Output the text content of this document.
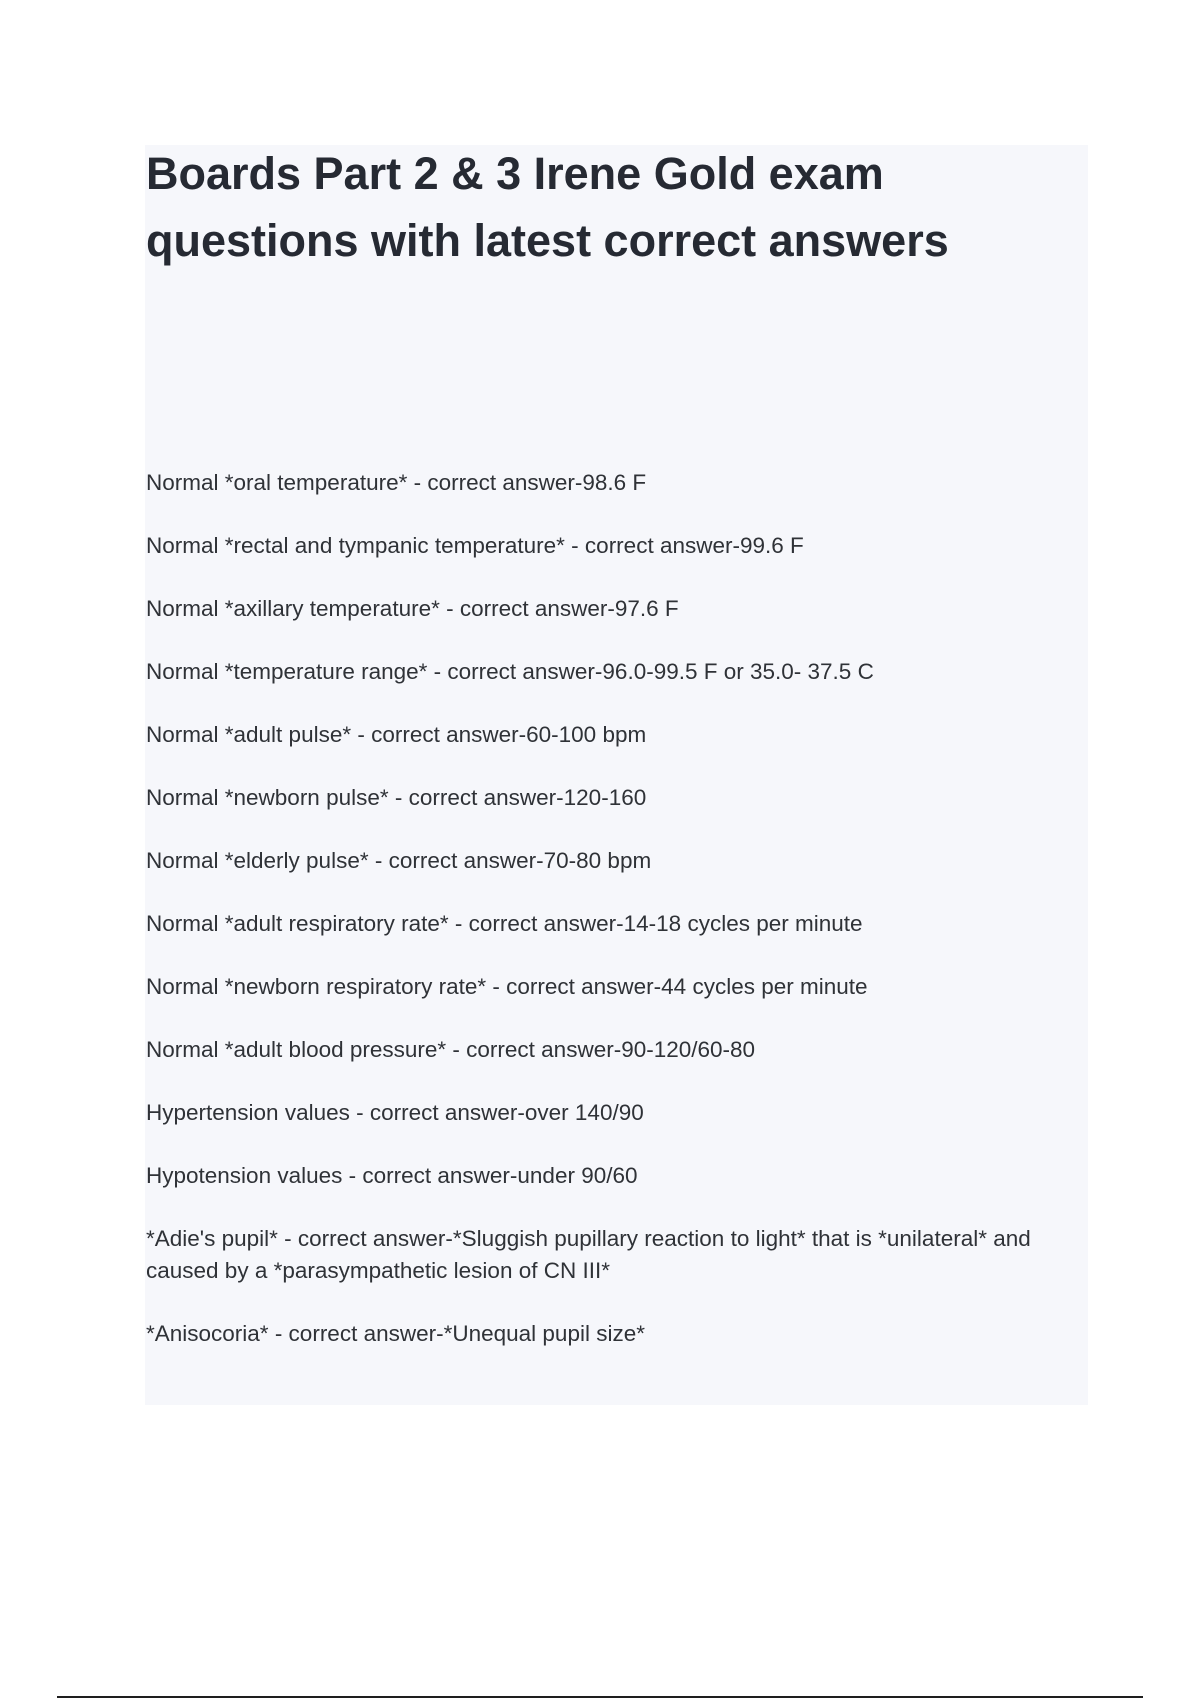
Boards Part 2 & 3 Irene Gold exam questions with latest correct answers
Normal *oral temperature* - correct answer-98.6 F
Normal *rectal and tympanic temperature* - correct answer-99.6 F
Normal *axillary temperature* - correct answer-97.6 F
Normal *temperature range* - correct answer-96.0-99.5 F or 35.0- 37.5 C
Normal *adult pulse* - correct answer-60-100 bpm
Normal *newborn pulse* - correct answer-120-160
Normal *elderly pulse* - correct answer-70-80 bpm
Normal *adult respiratory rate* - correct answer-14-18 cycles per minute
Normal *newborn respiratory rate* - correct answer-44 cycles per minute
Normal *adult blood pressure* - correct answer-90-120/60-80
Hypertension values - correct answer-over 140/90
Hypotension values - correct answer-under 90/60
*Adie's pupil* - correct answer-*Sluggish pupillary reaction to light* that is *unilateral* and caused by a *parasympathetic lesion of CN III*
*Anisocoria* - correct answer-*Unequal pupil size*
